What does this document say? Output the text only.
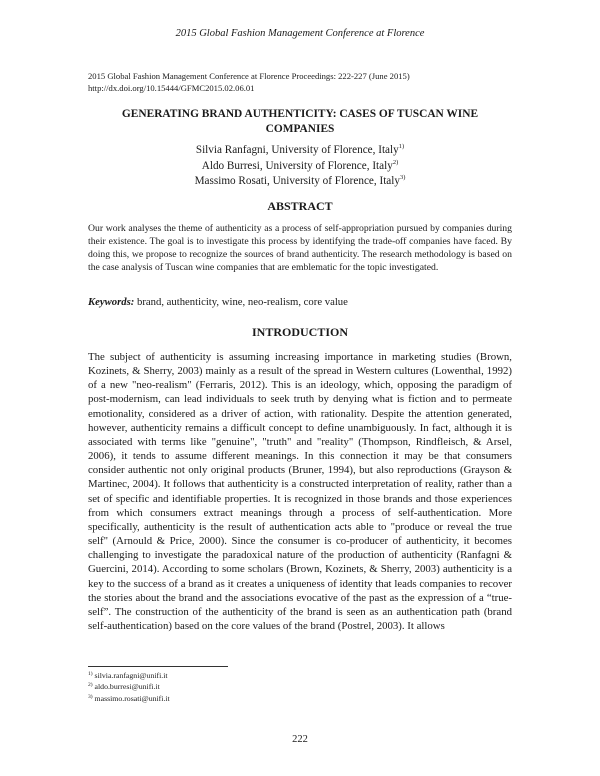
2015 Global Fashion Management Conference at Florence
2015 Global Fashion Management Conference at Florence Proceedings: 222-227 (June 2015)
http://dx.doi.org/10.15444/GFMC2015.02.06.01
GENERATING BRAND AUTHENTICITY: CASES OF TUSCAN WINE COMPANIES
Silvia Ranfagni, University of Florence, Italy$^{1)}$
Aldo Burresi, University of Florence, Italy$^{2)}$
Massimo Rosati, University of Florence, Italy$^{3)}$
ABSTRACT
Our work analyses the theme of authenticity as a process of self-appropriation pursued by companies during their existence. The goal is to investigate this process by identifying the trade-off companies have faced. By doing this, we propose to recognize the sources of brand authenticity. The research methodology is based on the case analysis of Tuscan wine companies that are emblematic for the topic investigated.
Keywords: brand, authenticity, wine, neo-realism, core value
INTRODUCTION
The subject of authenticity is assuming increasing importance in marketing studies (Brown, Kozinets, & Sherry, 2003) mainly as a result of the spread in Western cultures (Lowenthal, 1992) of a new "neo-realism" (Ferraris, 2012). This is an ideology, which, opposing the paradigm of post-modernism, can lead individuals to seek truth by denying what is fiction and to permeate emotionality, considered as a driver of action, with rationality. Despite the attention generated, however, authenticity remains a difficult concept to define unambiguously. In fact, although it is associated with terms like "genuine", "truth" and "reality" (Thompson, Rindfleisch, & Arsel, 2006), it tends to assume different meanings. In this connection it may be that consumers consider authentic not only original products (Bruner, 1994), but also reproductions (Grayson & Martinec, 2004). It follows that authenticity is a constructed interpretation of reality, rather than a set of specific and identifiable properties. It is recognized in those brands and those experiences from which consumers extract meanings through a process of self-authentication. More specifically, authenticity is the result of authentication acts able to "produce or reveal the true self" (Arnould & Price, 2000). Since the consumer is co-producer of authenticity, it becomes challenging to investigate the paradoxical nature of the production of authenticity (Ranfagni & Guercini, 2014). According to some scholars (Brown, Kozinets, & Sherry, 2003) authenticity is a key to the success of a brand as it creates a uniqueness of identity that leads companies to recover the stories about the brand and the associations evocative of the past as the expression of a “true-self”. The construction of the authenticity of the brand is seen as an authentication path (brand self-authentication) based on the core values of the brand (Postrel, 2003). It allows
$^{1)}$ silvia.ranfagni@unifi.it
$^{2)}$ aldo.burresi@unifi.it
$^{3)}$ massimo.rosati@unifi.it
222
